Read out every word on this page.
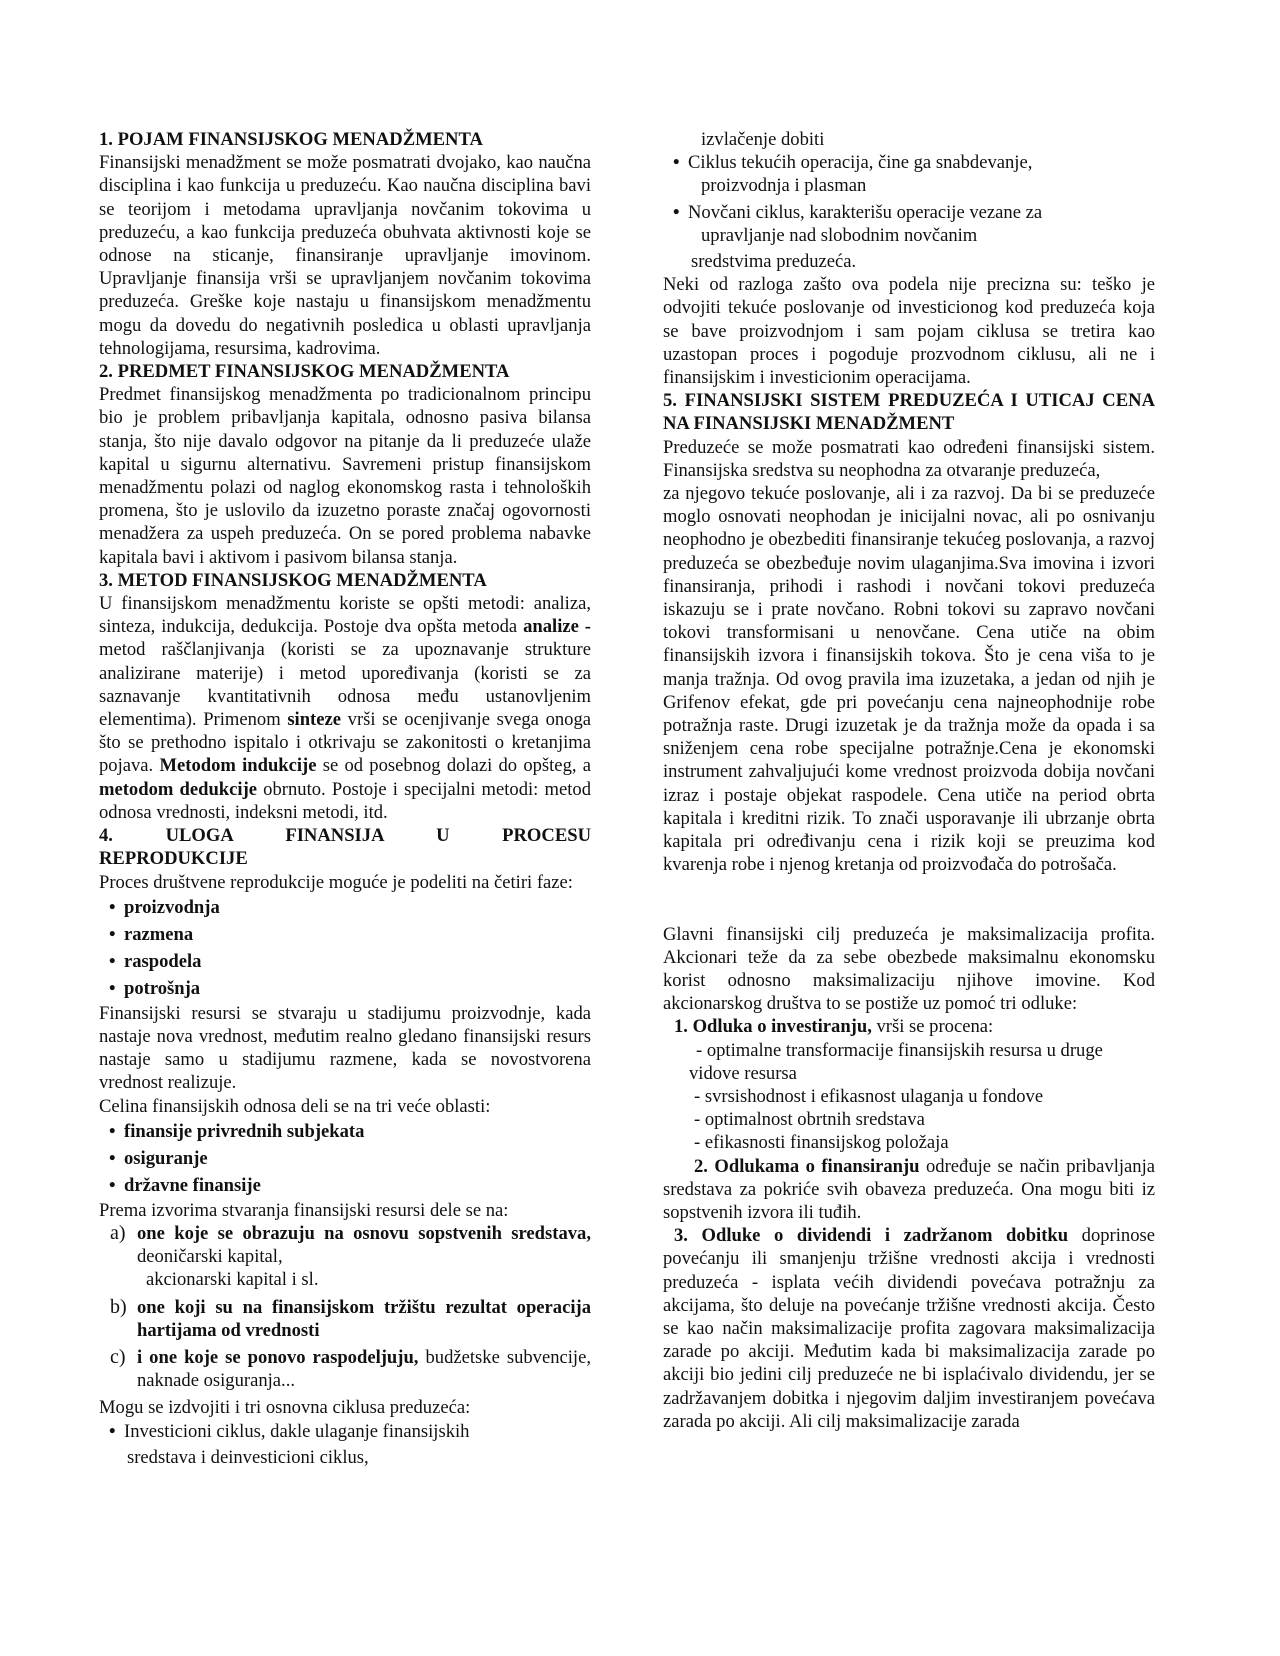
1. POJAM FINANSIJSKOG MENADŽMENTA

Finansijski menadžment se može posmatrati dvojako, kao naučna disciplina i kao funkcija u preduzeću. Kao naučna disciplina bavi se teorijom i metodama upravljanja novčanim tokovima u preduzeću, a kao funkcija preduzeća obuhvata aktivnosti koje se odnose na sticanje, finansiranje upravljanje imovinom. Upravljanje finansija vrši se upravljanjem novčanim tokovima preduzeća. Greške koje nastaju u finansijskom menadžmentu mogu da dovedu do negativnih posledica u oblasti upravljanja tehnologijama, resursima, kadrovima.

2. PREDMET FINANSIJSKOG MENADŽMENTA

Predmet finansijskog menadžmenta po tradicionalnom principu bio je problem pribavljanja kapitala, odnosno pasiva bilansa stanja, što nije davalo odgovor na pitanje da li preduzeće ulaže kapital u sigurnu alternativu. Savremeni pristup finansijskom menadžmentu polazi od naglog ekonomskog rasta i tehnoloških promena, što je uslovilo da izuzetno poraste značaj ogovornosti menadžera za uspeh preduzeća. On se pored problema nabavke kapitala bavi i aktivom i pasivom bilansa stanja.

3. METOD FINANSIJSKOG MENADŽMENTA

U finansijskom menadžmentu koriste se opšti metodi: analiza, sinteza, indukcija, dedukcija. Postoje dva opšta metoda analize - metod raščlanjivanja (koristi se za upoznavanje strukture analizirane materije) i metod upoređivanja (koristi se za saznavanje kvantitativnih odnosa među ustanovljenim elementima). Primenom sinteze vrši se ocenjivanje svega onoga što se prethodno ispitalo i otkrivaju se zakonitosti o kretanjima pojava. Metodom indukcije se od posebnog dolazi do opšteg, a metodom dedukcije obrnuto. Postoje i specijalni metodi: metod odnosa vrednosti, indeksni metodi, itd.

4. ULOGA FINANSIJA U PROCESU
REPRODUKCIJE

Proces društvene reprodukcije moguće je podeliti na četiri faze:

• proizvodnja
• razmena
• raspodela
• potrošnja

Finansijski resursi se stvaraju u stadijumu proizvodnje, kada nastaje nova vrednost, međutim realno gledano finansijski resurs nastaje samo u stadijumu razmene, kada se novostvorena vrednost realizuje.

Celina finansijskih odnosa deli se na tri veće oblasti:

• finansije privrednih subjekata
• osiguranje
• državne finansije

Prema izvorima stvaranja finansijski resursi dele se na:

a) one koje se obrazuju na osnovu sopstvenih sredstava, deoničarski kapital,
akcionarski kapital i sl.
b) one koji su na finansijskom tržištu rezultat operacija hartijama od vrednosti
c) i one koje se ponovo raspodeljuju, budžetske subvencije, naknade osiguranja...

Mogu se izdvojiti i tri osnovna ciklusa preduzeća:

• Investicioni ciklus, dakle ulaganje finansijskih
sredstava i deinvesticioni ciklus,
izvlačenje dobiti
• Ciklus tekućih operacija, čine ga snabdevanje,
proizvodnja i plasman
• Novčani ciklus, karakterišu operacije vezane za
upravljanje nad slobodnim novčanim
sredstvima preduzeća.

Neki od razloga zašto ova podela nije precizna su: teško je odvojiti tekuće poslovanje od investicionog kod preduzeća koja se bave proizvodnjom i sam pojam ciklusa se tretira kao uzastopan proces i pogoduje prozvodnom ciklusu, ali ne i finansijskim i investicionim operacijama.

5. FINANSIJSKI SISTEM PREDUZEĆA I UTICAJ CENA NA FINANSIJSKI MENADŽMENT

Preduzeće se može posmatrati kao određeni finansijski sistem. Finansijska sredstva su neophodna za otvaranje preduzeća,

za njegovo tekuće poslovanje, ali i za razvoj. Da bi se preduzeće moglo osnovati neophodan je inicijalni novac, ali po osnivanju neophodno je obezbediti finansiranje tekućeg poslovanja, a razvoj preduzeća se obezbeđuje novim ulaganjima.Sva imovina i izvori finansiranja, prihodi i rashodi i novčani tokovi preduzeća iskazuju se i prate novčano. Robni tokovi su zapravo novčani tokovi transformisani u nenovčane. Cena utiče na obim finansijskih izvora i finansijskih tokova. Što je cena viša to je manja tražnja. Od ovog pravila ima izuzetaka, a jedan od njih je Grifenov efekat, gde pri povećanju cena najneophodnije robe potražnja raste. Drugi izuzetak je da tražnja može da opada i sa sniženjem cena robe specijalne potražnje.Cena je ekonomski instrument zahvaljujući kome vrednost proizvoda dobija novčani izraz i postaje objekat raspodele. Cena utiče na period obrta kapitala i kreditni rizik. To znači usporavanje ili ubrzanje obrta kapitala pri određivanju cena i rizik koji se preuzima kod kvarenja robe i njenog kretanja od proizvođača do potrošača.

Glavni finansijski cilj preduzeća je maksimalizacija profita. Akcionari teže da za sebe obezbede maksimalnu ekonomsku korist odnosno maksimalizaciju njihove imovine. Kod akcionarskog društva to se postiže uz pomoć tri odluke:

1. Odluka o investiranju, vrši se procena:
- optimalne transformacije finansijskih resursa u druge
vidove resursa
- svrsishodnost i efikasnost ulaganja u fondove
- optimalnost obrtnih sredstava
- efikasnosti finansijskog položaja

2. Odlukama o finansiranju određuje se način pribavljanja sredstava za pokriće svih obaveza preduzeća. Ona mogu biti iz sopstvenih izvora ili tuđih.

3. Odluke o dividendi i zadržanom dobitku doprinose povećanju ili smanjenju tržišne vrednosti akcija i vrednosti preduzeća - isplata većih dividendi povećava potražnju za akcijama, što deluje na povećanje tržišne vrednosti akcija. Često se kao način maksimalizacije profita zagovara maksimalizacija zarade po akciji. Međutim kada bi maksimalizacija zarade po akciji bio jedini cilj preduzeće ne bi isplaćivalo dividendu, jer se zadržavanjem dobitka i njegovim daljim investiranjem povećava zarada po akciji. Ali cilj maksimalizacije zarada
